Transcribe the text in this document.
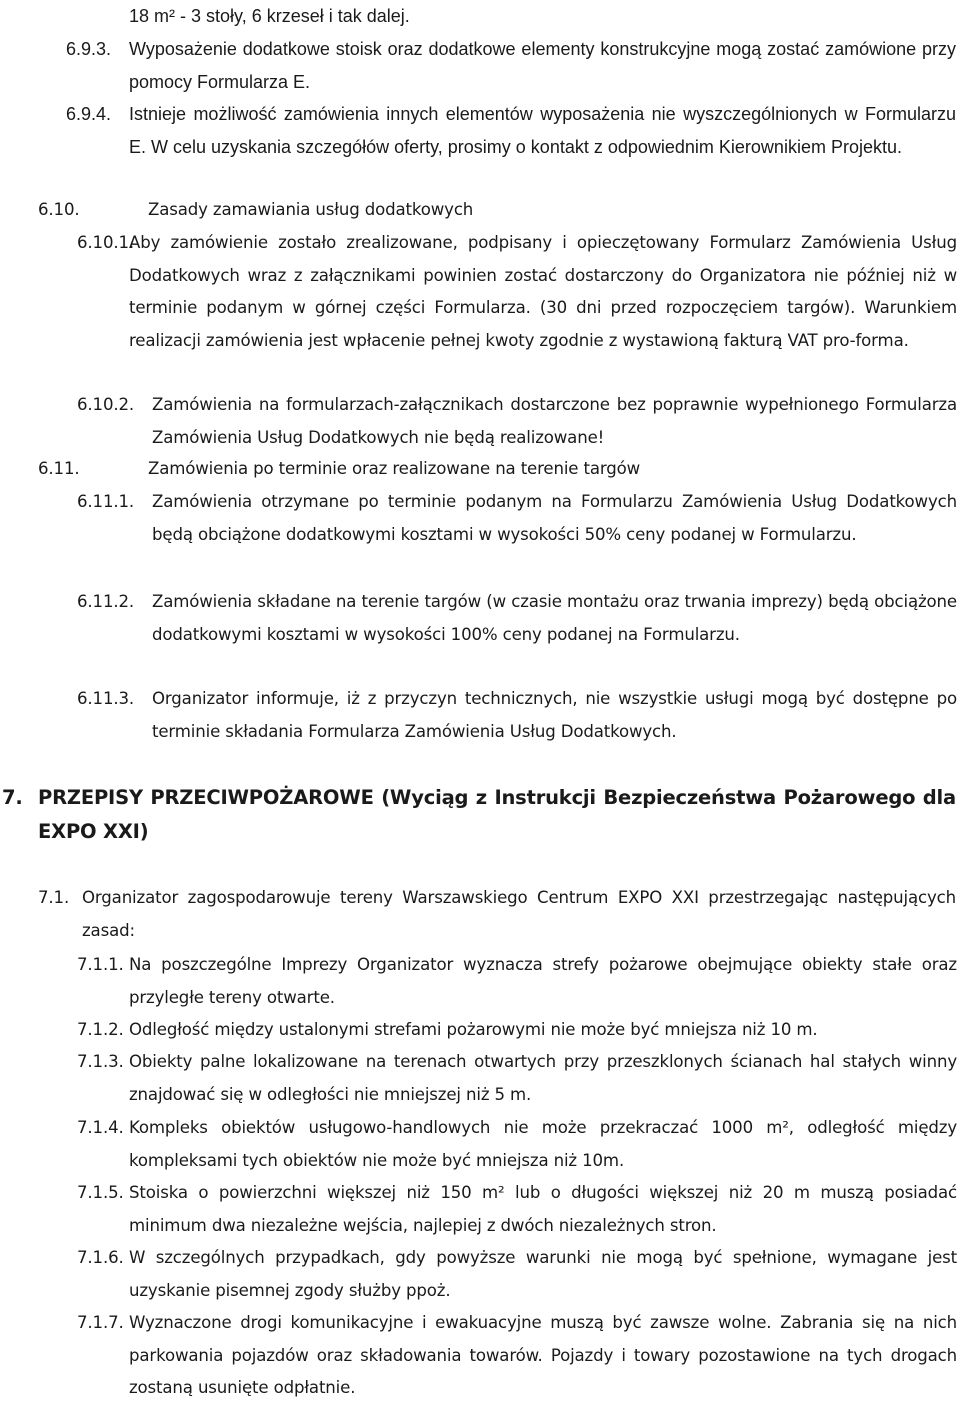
18 m² - 3 stoły, 6 krzeseł i tak dalej.
6.9.3. Wyposażenie dodatkowe stoisk oraz dodatkowe elementy konstrukcyjne mogą zostać zamówione przy pomocy Formularza E.
6.9.4. Istnieje możliwość zamówienia innych elementów wyposażenia nie wyszczególnionych w Formularzu E. W celu uzyskania szczegółów oferty, prosimy o kontakt z odpowiednim Kierownikiem Projektu.
6.10.	Zasady zamawiania usług dodatkowych
6.10.1.
Aby zamówienie zostało zrealizowane, podpisany i opieczętowany Formularz Zamówienia Usług Dodatkowych wraz z załącznikami powinien zostać dostarczony do Organizatora nie później niż w terminie podanym w górnej części Formularza. (30 dni przed rozpoczęciem targów). Warunkiem realizacji zamówienia jest wpłacenie pełnej kwoty zgodnie z wystawioną fakturą VAT pro-forma.
6.10.2. Zamówienia na formularzach-załącznikach dostarczone bez poprawnie wypełnionego Formularza Zamówienia Usług Dodatkowych nie będą realizowane!
6.11.	Zamówienia po terminie oraz realizowane na terenie targów
6.11.1. Zamówienia otrzymane po terminie podanym na Formularzu Zamówienia Usług Dodatkowych będą obciążone dodatkowymi kosztami w wysokości 50% ceny podanej w Formularzu.
6.11.2. Zamówienia składane na terenie targów (w czasie montażu oraz trwania imprezy) będą obciążone dodatkowymi kosztami w wysokości 100% ceny podanej na Formularzu.
6.11.3. Organizator informuje, iż z przyczyn technicznych, nie wszystkie usługi mogą być dostępne po terminie składania Formularza Zamówienia Usług Dodatkowych.
7. PRZEPISY PRZECIWPOŻAROWE (Wyciąg z Instrukcji Bezpieczeństwa Pożarowego dla EXPO XXI)
7.1. Organizator zagospodarowuje tereny Warszawskiego Centrum EXPO XXI przestrzegając następujących zasad:
7.1.1. Na poszczególne Imprezy Organizator wyznacza strefy pożarowe obejmujące obiekty stałe oraz przyległe tereny otwarte.
7.1.2. Odległość między ustalonymi strefami pożarowymi nie może być mniejsza niż 10 m.
7.1.3. Obiekty palne lokalizowane na terenach otwartych przy przeszklonych ścianach hal stałych winny znajdować się w odległości nie mniejszej niż 5 m.
7.1.4. Kompleks obiektów usługowo-handlowych nie może przekraczać 1000 m², odległość między kompleksami tych obiektów nie może być mniejsza niż 10m.
7.1.5. Stoiska o powierzchni większej niż 150 m² lub o długości większej niż 20 m muszą posiadać minimum dwa niezależne wejścia, najlepiej z dwóch niezależnych stron.
7.1.6. W szczególnych przypadkach, gdy powyższe warunki nie mogą być spełnione, wymagane jest uzyskanie pisemnej zgody służby ppoż.
7.1.7. Wyznaczone drogi komunikacyjne i ewakuacyjne muszą być zawsze wolne. Zabrania się na nich parkowania pojazdów oraz składowania towarów. Pojazdy i towary pozostawione na tych drogach zostaną usunięte odpłatnie.
